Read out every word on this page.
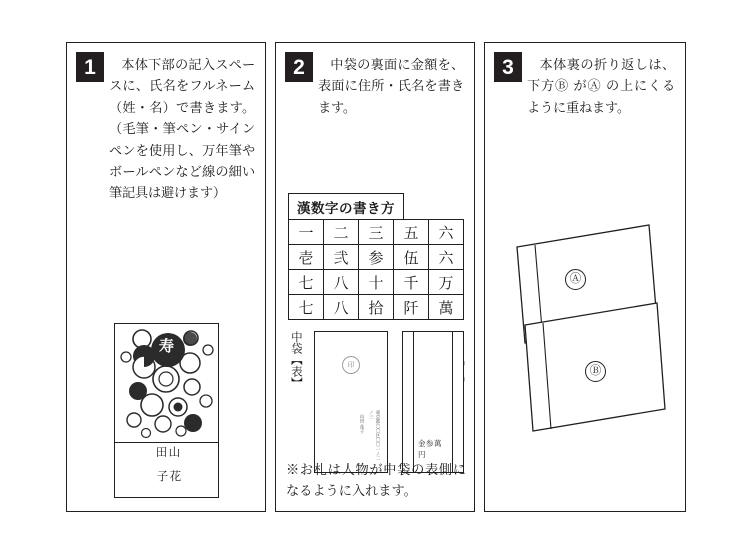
1	本体下部の記入スペースに、氏名をフルネーム（姓・名）で書きます。（毛筆・筆ペン・サインペンを使用し、万年筆やボールペンなど線の細い筆記具は避けます）
寿
山田
花子
2	中袋の裏面に金額を、表面に住所・氏名を書きます。
漢数字の書き方
一	二	三	五	六
壱	弐	参	伍	六
七	八	十	千	万
七	八	拾	阡	萬
中袋【表】	印
東京都〇〇区〇〇一ノ二ノ三
山田 花子
金参萬円
※お札は人物が中袋の表側になるように入れます。
3	本体裏の折り返しは、下方Ⓑ がⒶ の上にくるように重ねます。
Ⓐ
Ⓑ
